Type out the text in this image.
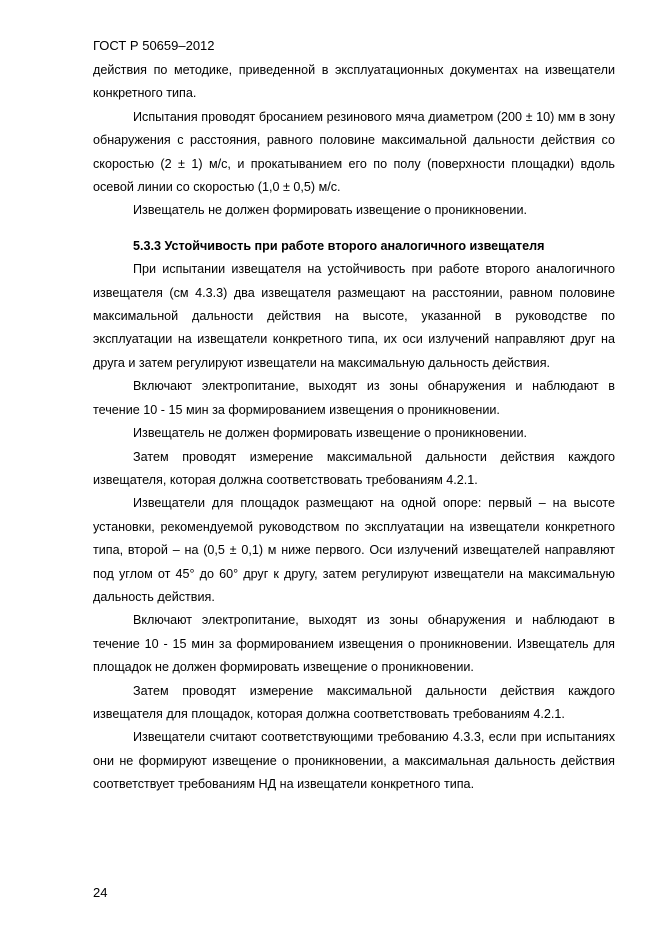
ГОСТ Р 50659–2012

действия по методике, приведенной в эксплуатационных документах на извещатели конкретного типа.

Испытания проводят бросанием резинового мяча диаметром (200 ± 10) мм в зону обнаружения с расстояния, равного половине максимальной дальности действия со скоростью (2 ± 1) м/с, и прокатыванием его по полу (поверхности площадки) вдоль осевой линии со скоростью (1,0 ± 0,5) м/с.

Извещатель не должен формировать извещение о проникновении.

5.3.3 Устойчивость при работе второго аналогичного извещателя

При испытании извещателя на устойчивость при работе второго аналогичного извещателя (см 4.3.3) два извещателя размещают на расстоянии, равном половине максимальной дальности действия на высоте, указанной в руководстве по эксплуатации на извещатели конкретного типа, их оси излучений направляют друг на друга и затем регулируют извещатели на максимальную дальность действия.

Включают электропитание, выходят из зоны обнаружения и наблюдают в течение 10 - 15 мин за формированием извещения о проникновении.

Извещатель не должен формировать извещение о проникновении.

Затем проводят измерение максимальной дальности действия каждого извещателя, которая должна соответствовать требованиям 4.2.1.

Извещатели для площадок размещают на одной опоре: первый – на высоте установки, рекомендуемой руководством по эксплуатации на извещатели конкретного типа, второй – на (0,5 ± 0,1) м ниже первого. Оси излучений извещателей направляют под углом от 45° до 60° друг к другу, затем регулируют извещатели на максимальную дальность действия.

Включают электропитание, выходят из зоны обнаружения и наблюдают в течение 10 - 15 мин за формированием извещения о проникновении. Извещатель для площадок не должен формировать извещение о проникновении.

Затем проводят измерение максимальной дальности действия каждого извещателя для площадок, которая должна соответствовать требованиям 4.2.1.

Извещатели считают соответствующими требованию 4.3.3, если при испытаниях они не формируют извещение о проникновении, а максимальная дальность действия соответствует требованиям НД на извещатели конкретного типа.

24
